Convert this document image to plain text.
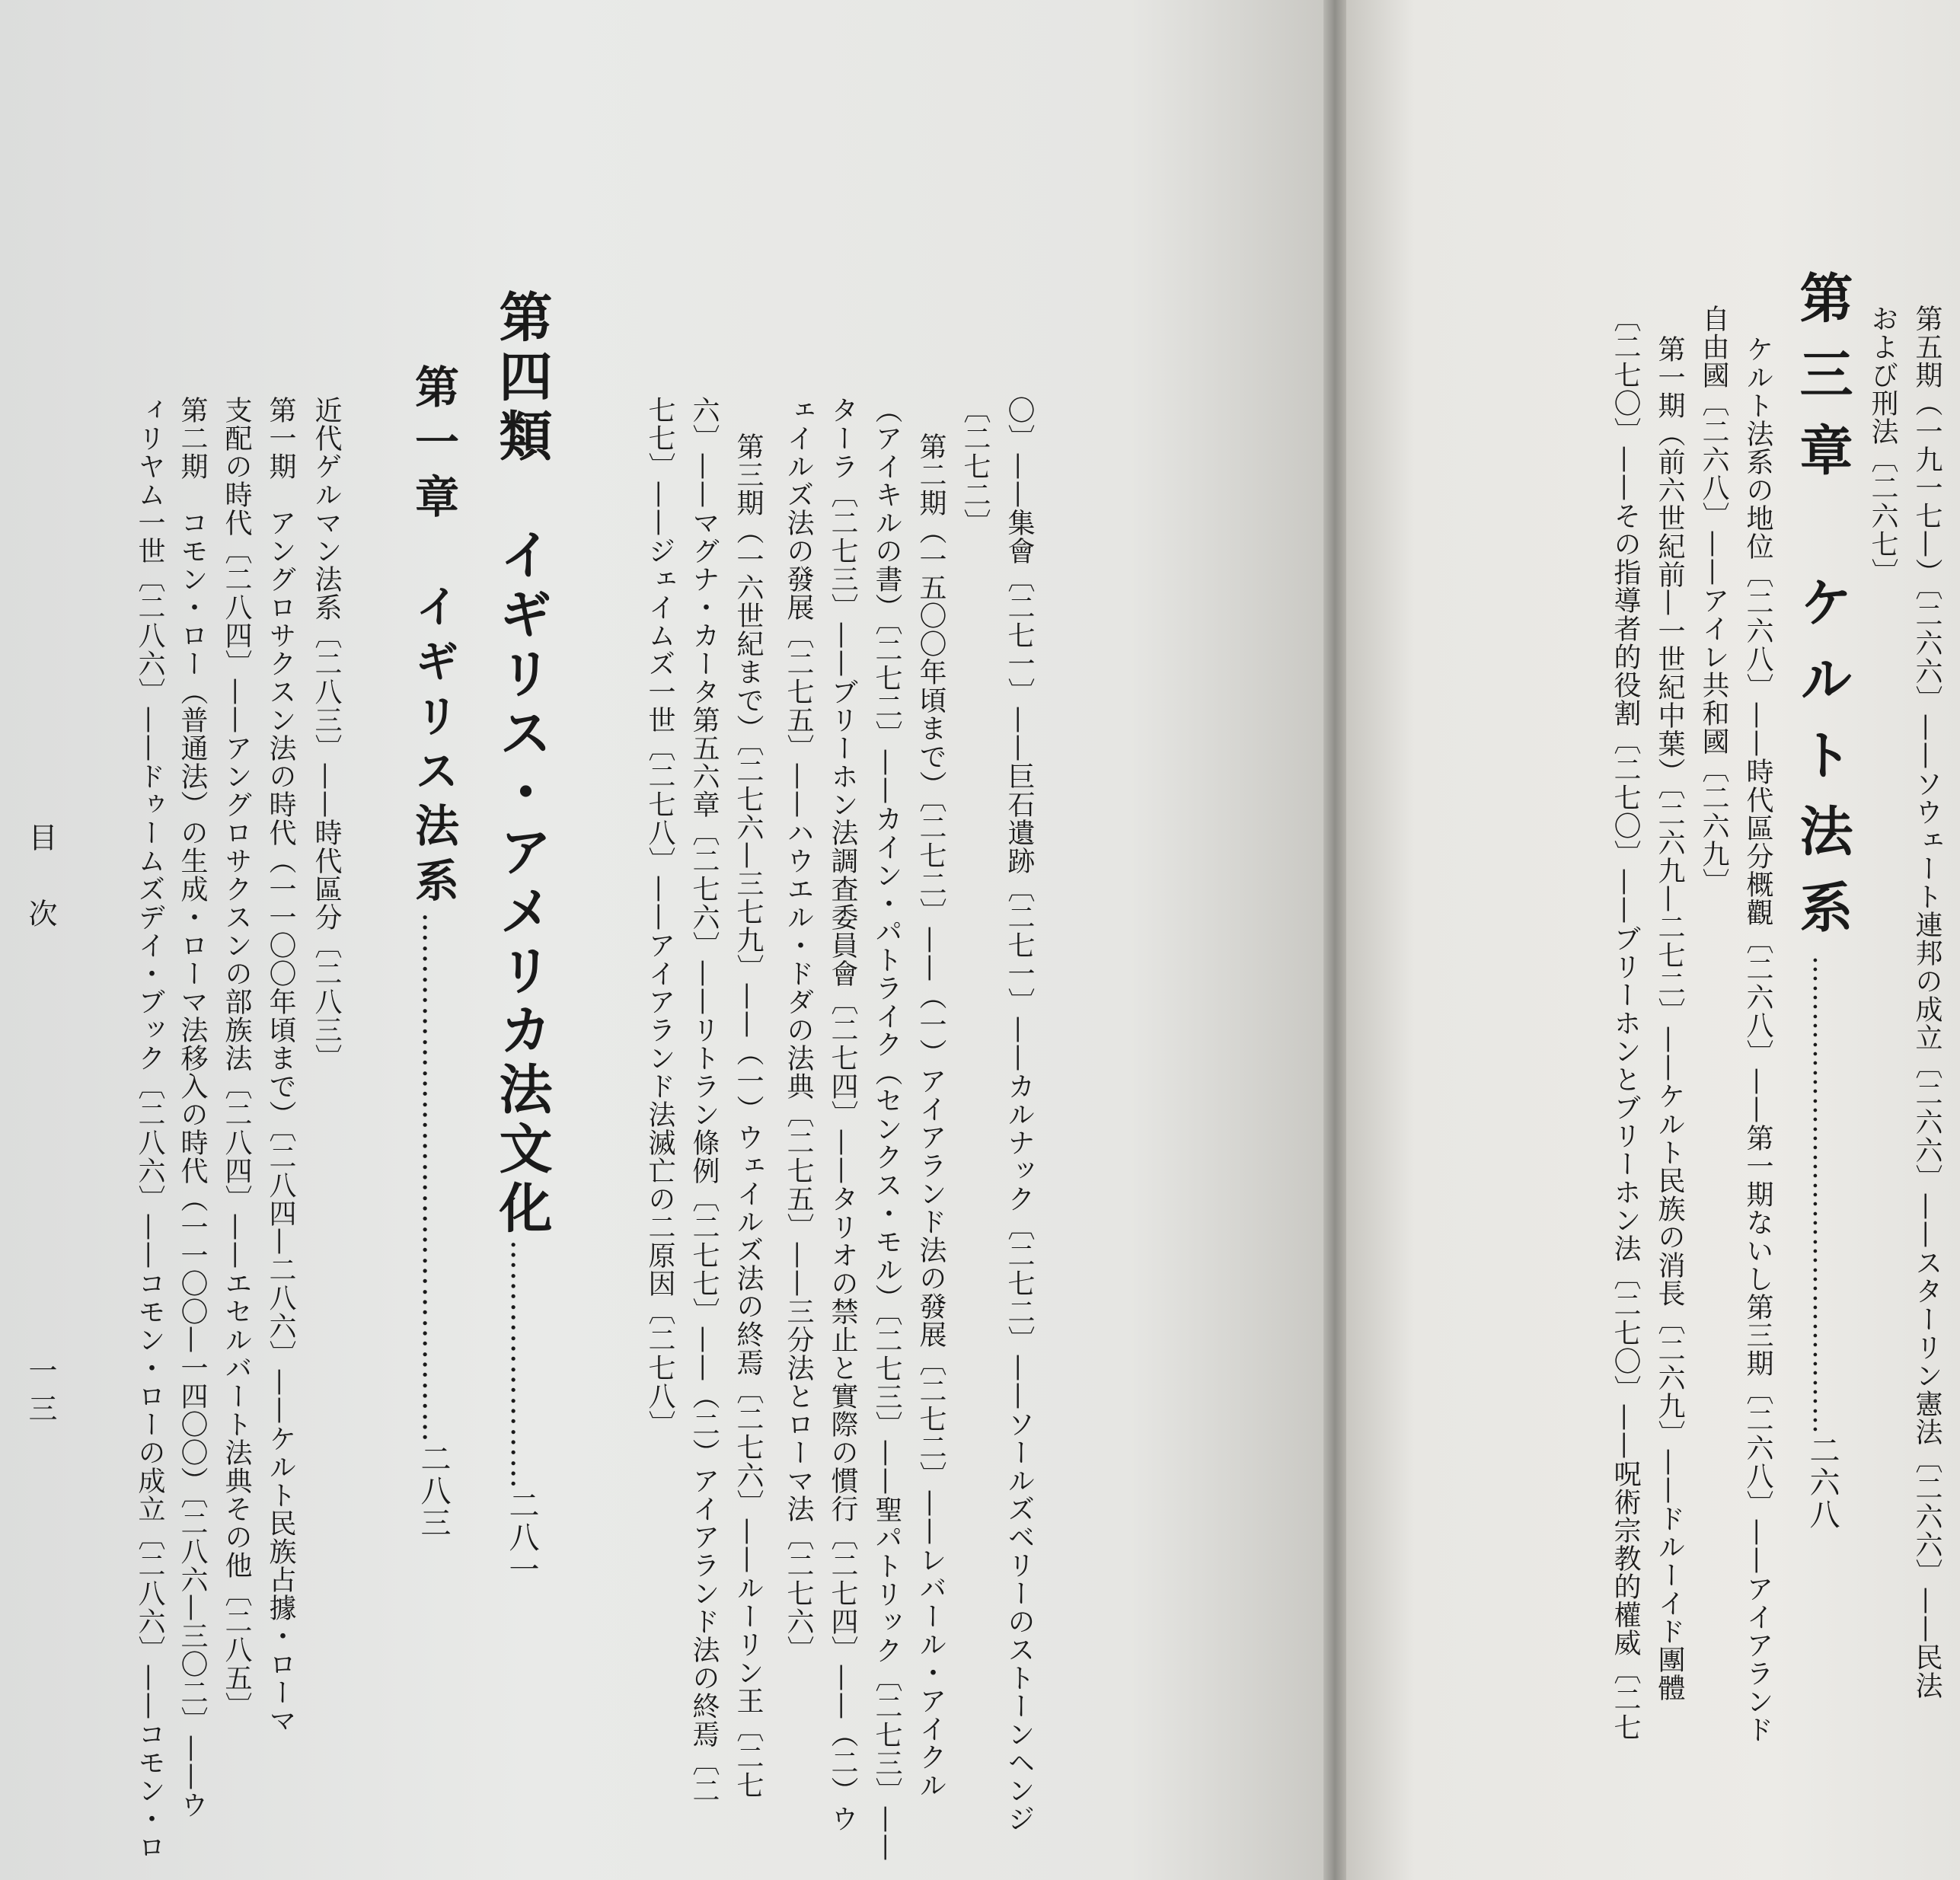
〇〕——集會〔二七一〕——巨石遺跡〔二七一〕——カルナック〔二七二〕——ソールズベリーのストーンヘンジ
〔二七二〕
第二期（一五〇〇年頃まで）〔二七二〕——（一）アイアランド法の發展〔二七二〕——レバール・アイクル
（アイキルの書）〔二七二〕——カイン・パトライク（センクス・モル）〔二七三〕——聖パトリック〔二七三〕——
ターラ〔二七三〕——ブリーホン法調査委員會〔二七四〕——タリオの禁止と實際の慣行〔二七四〕——（二）ウ
ェイルズ法の發展〔二七五〕——ハウエル・ドダの法典〔二七五〕——三分法とローマ法〔二七六〕
第三期（一六世紀まで）〔二七六—三七九〕——（一）ウェイルズ法の終焉〔二七六〕——ルーリン王〔二七
六〕——マグナ・カータ第五六章〔二七六〕——リトラン條例〔二七七〕——（二）アイアランド法の終焉〔二
七七〕——ジェイムズ一世〔二七八〕——アイアランド法滅亡の二原因〔二七八〕
第四類　イギリス・アメリカ法文化……………………二八一
第一章　イギリス法系……………………………………………二八三
近代ゲルマン法系〔二八三〕——時代區分〔二八三〕
第一期　アングロサクスン法の時代（一一〇〇年頃まで）〔二八四—二八六〕——ケルト民族占據・ローマ
支配の時代〔二八四〕——アングロサクスンの部族法〔二八四〕——エセルバート法典その他〔二八五〕
第二期　コモン・ロー（普通法）の生成・ローマ法移入の時代（一一〇〇—一四〇〇）〔二八六—三〇二〕——ウ
ィリヤム一世〔二八六〕——ドゥームズデイ・ブック〔二八六〕——コモン・ローの成立〔二八六〕——コモン・ロ	第五期（一九一七—）〔二六六〕——ソウェート連邦の成立〔二六六〕——スターリン憲法〔二六六〕——民法
および刑法〔二六七〕
第三章　ケルト法系……………………………………………二六八
ケルト法系の地位〔二六八〕——時代區分概觀〔二六八〕——第一期ないし第三期〔二六八〕——アイアランド
自由國〔二六八〕——アイレ共和國〔二六九〕
第一期（前六世紀前—一世紀中葉）〔二六九—二七二〕——ケルト民族の消長〔二六九〕——ドルーイド團體
〔二七〇〕——その指導者的役割〔二七〇〕——ブリーホンとブリーホン法〔二七〇〕——呪術宗教的權威〔二七
目　次
一三
